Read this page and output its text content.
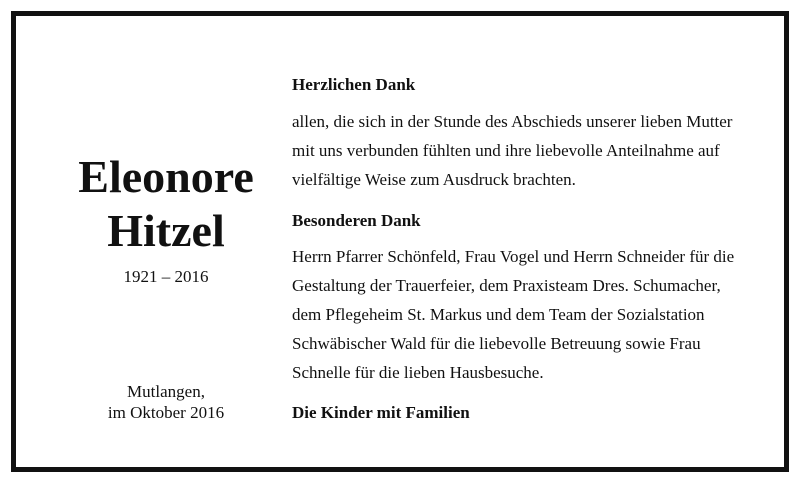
Eleonore
Hitzel
1921 – 2016
Mutlangen,
im Oktober 2016
Herzlichen Dank
allen, die sich in der Stunde des Abschieds unserer lieben Mutter
mit uns verbunden fühlten und ihre liebevolle Anteilnahme auf
vielfältige Weise zum Ausdruck brachten.
Besonderen Dank
Herrn Pfarrer Schönfeld, Frau Vogel und Herrn Schneider für die
Gestaltung der Trauerfeier, dem Praxisteam Dres. Schumacher,
dem Pflegeheim St. Markus und dem Team der Sozialstation
Schwäbischer Wald für die liebevolle Betreuung sowie Frau
Schnelle für die lieben Hausbesuche.
Die Kinder mit Familien
